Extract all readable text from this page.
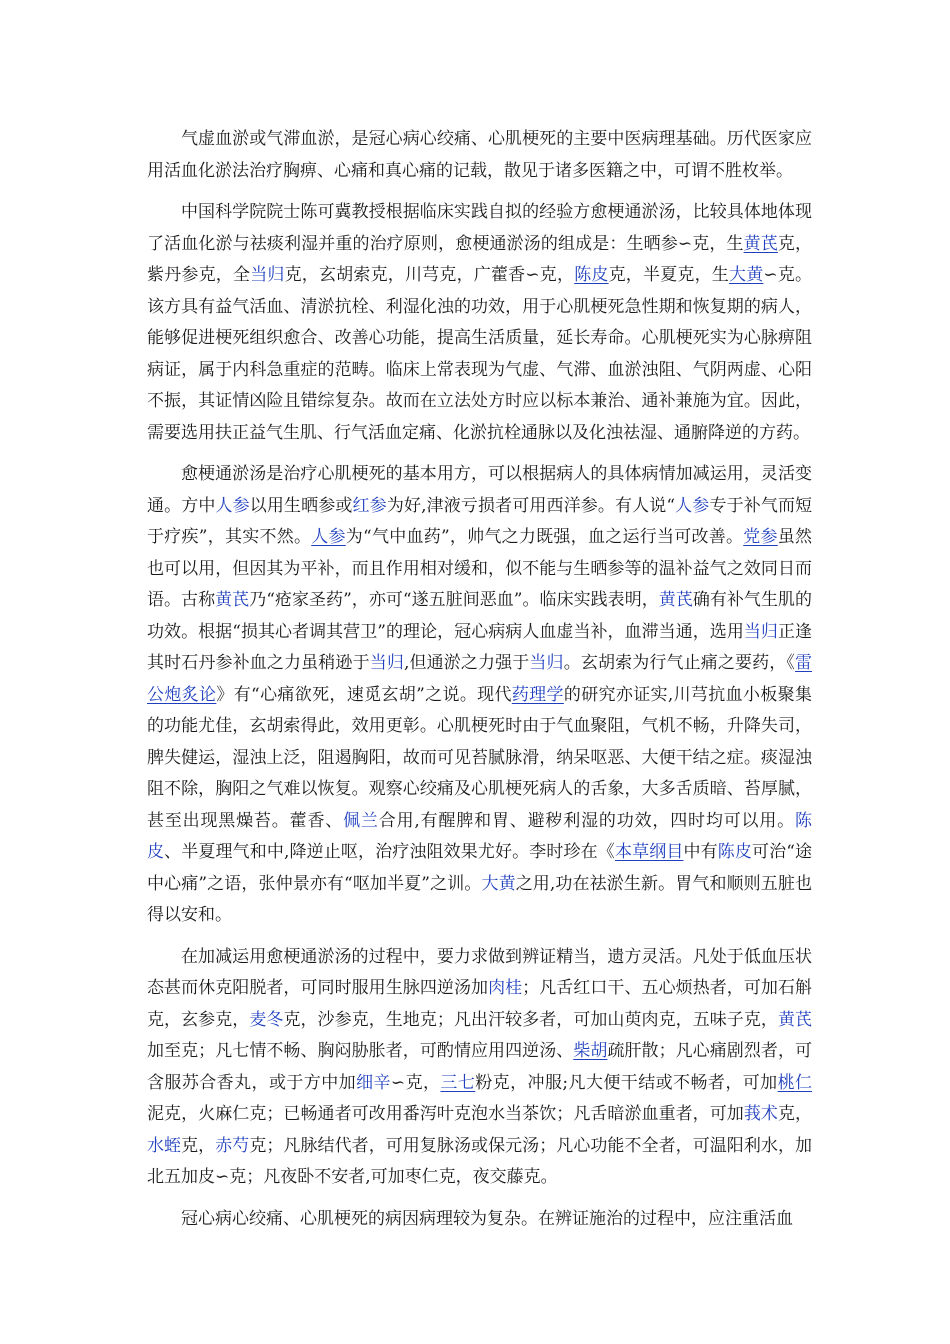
气虚血淤或气滞血淤，是冠心病心绞痛、心肌梗死的主要中医病理基础。历代医家应用活血化淤法治疗胸痹、心痛和真心痛的记载，散见于诸多医籍之中，可谓不胜枚举。

中国科学院院士陈可冀教授根据临床实践自拟的经验方愈梗通淤汤，比较具体地体现了活血化淤与祛痰利湿并重的治疗原则，愈梗通淤汤的组成是：生晒参∽克，生黄芪克，紫丹参克，全当归克，玄胡索克，川芎克，广藿香∽克，陈皮克，半夏克，生大黄∽克。该方具有益气活血、清淤抗栓、利湿化浊的功效，用于心肌梗死急性期和恢复期的病人，能够促进梗死组织愈合、改善心功能，提高生活质量，延长寿命。心肌梗死实为心脉痹阻病证，属于内科急重症的范畴。临床上常表现为气虚、气滞、血淤浊阻、气阴两虚、心阳不振，其证情凶险且错综复杂。故而在立法处方时应以标本兼治、通补兼施为宜。因此，需要选用扶正益气生肌、行气活血定痛、化淤抗栓通脉以及化浊祛湿、通腑降逆的方药。

愈梗通淤汤是治疗心肌梗死的基本用方，可以根据病人的具体病情加减运用，灵活变通。方中人参以用生晒参或红参为好,津液亏损者可用西洋参。有人说“人参专于补气而短于疗疾”，其实不然。人参为“气中血药”，帅气之力既强，血之运行当可改善。党参虽然也可以用，但因其为平补，而且作用相对缓和，似不能与生晒参等的温补益气之效同日而语。古称黄芪乃“疮家圣药”，亦可“遂五脏间恶血”。临床实践表明，黄芪确有补气生肌的功效。根据“损其心者调其营卫”的理论，冠心病病人血虚当补，血滞当通，选用当归正逢其时石丹参补血之力虽稍逊于当归,但通淤之力强于当归。玄胡索为行气止痛之要药，《雷公炮炙论》有“心痛欲死，速觅玄胡”之说。现代药理学的研究亦证实,川芎抗血小板聚集的功能尤佳，玄胡索得此，效用更彰。心肌梗死时由于气血聚阻，气机不畅，升降失司，脾失健运，湿浊上泛，阻遏胸阳，故而可见苔腻脉滑，纳呆呕恶、大便干结之症。痰湿浊阻不除，胸阳之气难以恢复。观察心绞痛及心肌梗死病人的舌象，大多舌质暗、苔厚腻，甚至出现黑燥苔。藿香、佩兰合用,有醒脾和胃、避秽利湿的功效，四时均可以用。陈皮、半夏理气和中,降逆止呕，治疗浊阻效果尤好。李时珍在《本草纲目中有陈皮可治“途中心痛”之语，张仲景亦有“呕加半夏”之训。大黄之用,功在祛淤生新。胃气和顺则五脏也得以安和。

在加减运用愈梗通淤汤的过程中，要力求做到辨证精当，遗方灵活。凡处于低血压状态甚而休克阳脱者，可同时服用生脉四逆汤加肉桂；凡舌红口干、五心烦热者，可加石斛克，玄参克，麦冬克，沙参克，生地克；凡出汗较多者，可加山萸肉克，五味子克，黄芪加至克；凡七情不畅、胸闷胁胀者，可酌情应用四逆汤、柴胡疏肝散；凡心痛剧烈者，可含服苏合香丸，或于方中加细辛∽克，三七粉克，冲服;凡大便干结或不畅者，可加桃仁泥克，火麻仁克；已畅通者可改用番泻叶克泡水当茶饮；凡舌暗淤血重者，可加莪术克，水蛭克，赤芍克；凡脉结代者，可用复脉汤或保元汤；凡心功能不全者，可温阳利水，加北五加皮∽克；凡夜卧不安者,可加枣仁克，夜交藤克。

冠心病心绞痛、心肌梗死的病因病理较为复杂。在辨证施治的过程中，应注重活血
